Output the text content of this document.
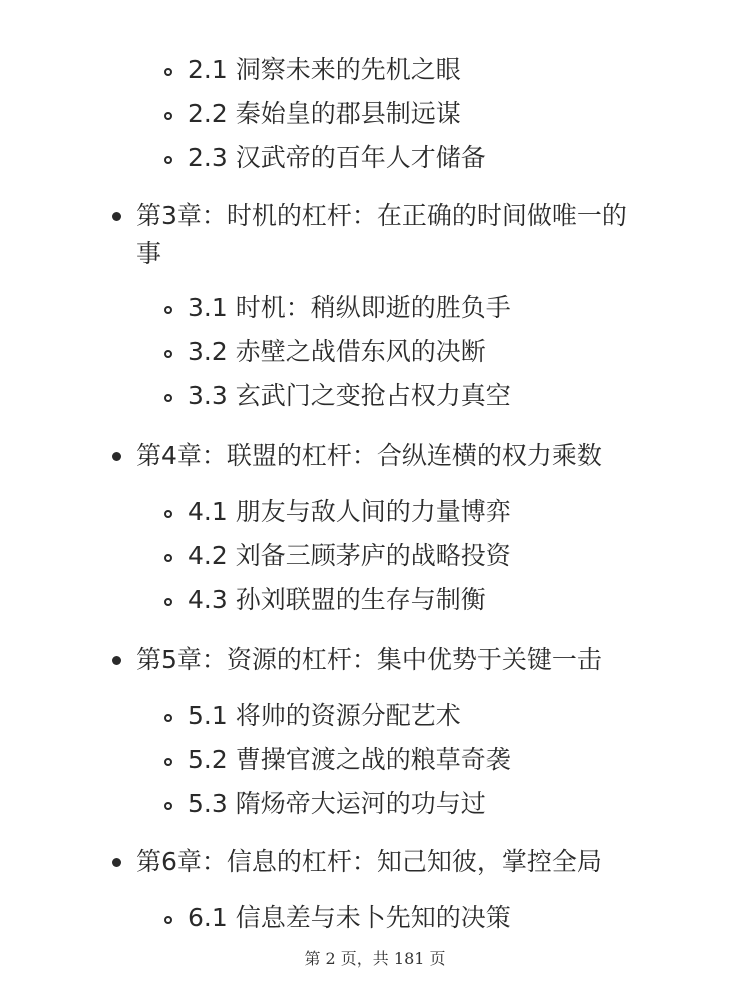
2.1 洞察未来的先机之眼
2.2 秦始皇的郡县制远谋
2.3 汉武帝的百年人才储备
第3章：时机的杠杆：在正确的时间做唯一的
事
3.1 时机：稍纵即逝的胜负手
3.2 赤壁之战借东风的决断
3.3 玄武门之变抢占权力真空
第4章：联盟的杠杆：合纵连横的权力乘数
4.1 朋友与敌人间的力量博弈
4.2 刘备三顾茅庐的战略投资
4.3 孙刘联盟的生存与制衡
第5章：资源的杠杆：集中优势于关键一击
5.1 将帅的资源分配艺术
5.2 曹操官渡之战的粮草奇袭
5.3 隋炀帝大运河的功与过
第6章：信息的杠杆：知己知彼，掌控全局
6.1 信息差与未卜先知的决策
第 2 页，共 181 页
